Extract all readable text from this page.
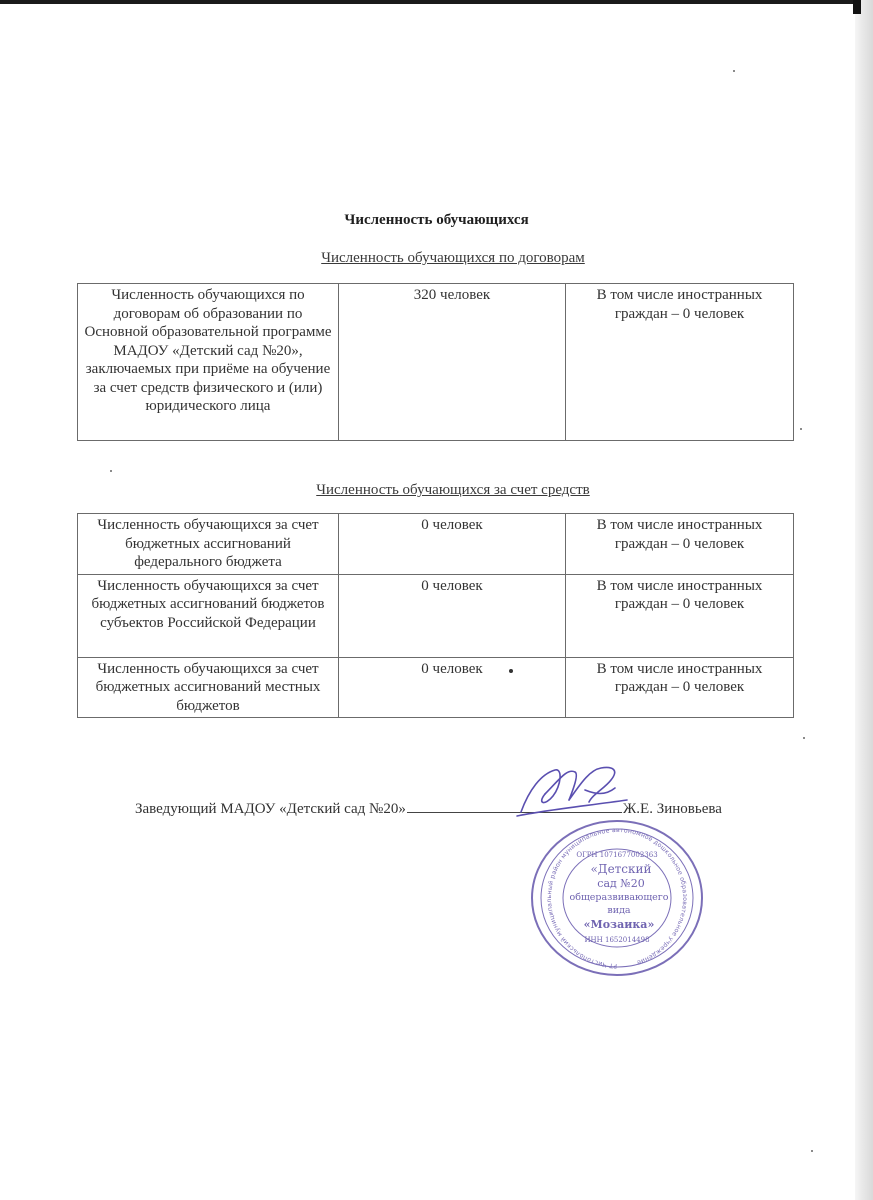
Численность обучающихся
Численность обучающихся по договорам
Численность обучающихся по договорам об образовании по Основной образовательной программе МАДОУ «Детский сад №20», заключаемых при приёме на обучение за счет средств физического и (или) юридического лица	320 человек	В том числе иностранных граждан – 0 человек
Численность обучающихся за счет средств
Численность обучающихся за счет бюджетных ассигнований федерального бюджета	0 человек	В том числе иностранных граждан – 0 человек
Численность обучающихся за счет бюджетных ассигнований бюджетов субъектов Российской Федерации	0 человек	В том числе иностранных граждан – 0 человек
Численность обучающихся за счет бюджетных ассигнований местных бюджетов	0 человек	В том числе иностранных граждан – 0 человек
Заведующий МАДОУ «Детский сад №20»	Ж.Е. Зиновьева
РТ Чистопольский муниципальный район муниципальное автономное дошкольное образовательное учреждение
ОГРН 1071677002363
«Детский
сад №20
общеразвивающего
вида
«Мозаика»
ИНН 1652014498
